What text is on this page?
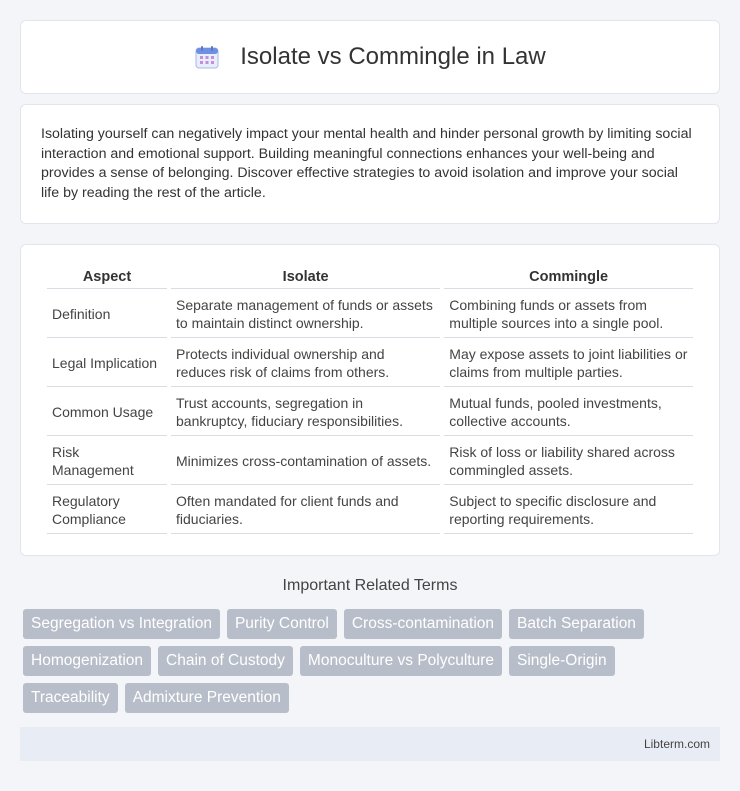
Isolate vs Commingle in Law

Isolating yourself can negatively impact your mental health and hinder personal growth by limiting social interaction and emotional support. Building meaningful connections enhances your well-being and provides a sense of belonging. Discover effective strategies to avoid isolation and improve your social life by reading the rest of the article.

Aspect	Isolate	Commingle
Definition	Separate management of funds or assets to maintain distinct ownership.	Combining funds or assets from multiple sources into a single pool.
Legal Implication	Protects individual ownership and reduces risk of claims from others.	May expose assets to joint liabilities or claims from multiple parties.
Common Usage	Trust accounts, segregation in bankruptcy, fiduciary responsibilities.	Mutual funds, pooled investments, collective accounts.
Risk Management	Minimizes cross-contamination of assets.	Risk of loss or liability shared across commingled assets.
Regulatory Compliance	Often mandated for client funds and fiduciaries.	Subject to specific disclosure and reporting requirements.
Important Related Terms
Segregation vs Integration	Purity Control	Cross-contamination	Batch Separation
Homogenization	Chain of Custody	Monoculture vs Polyculture	Single-Origin
Traceability	Admixture Prevention
Libterm.com
